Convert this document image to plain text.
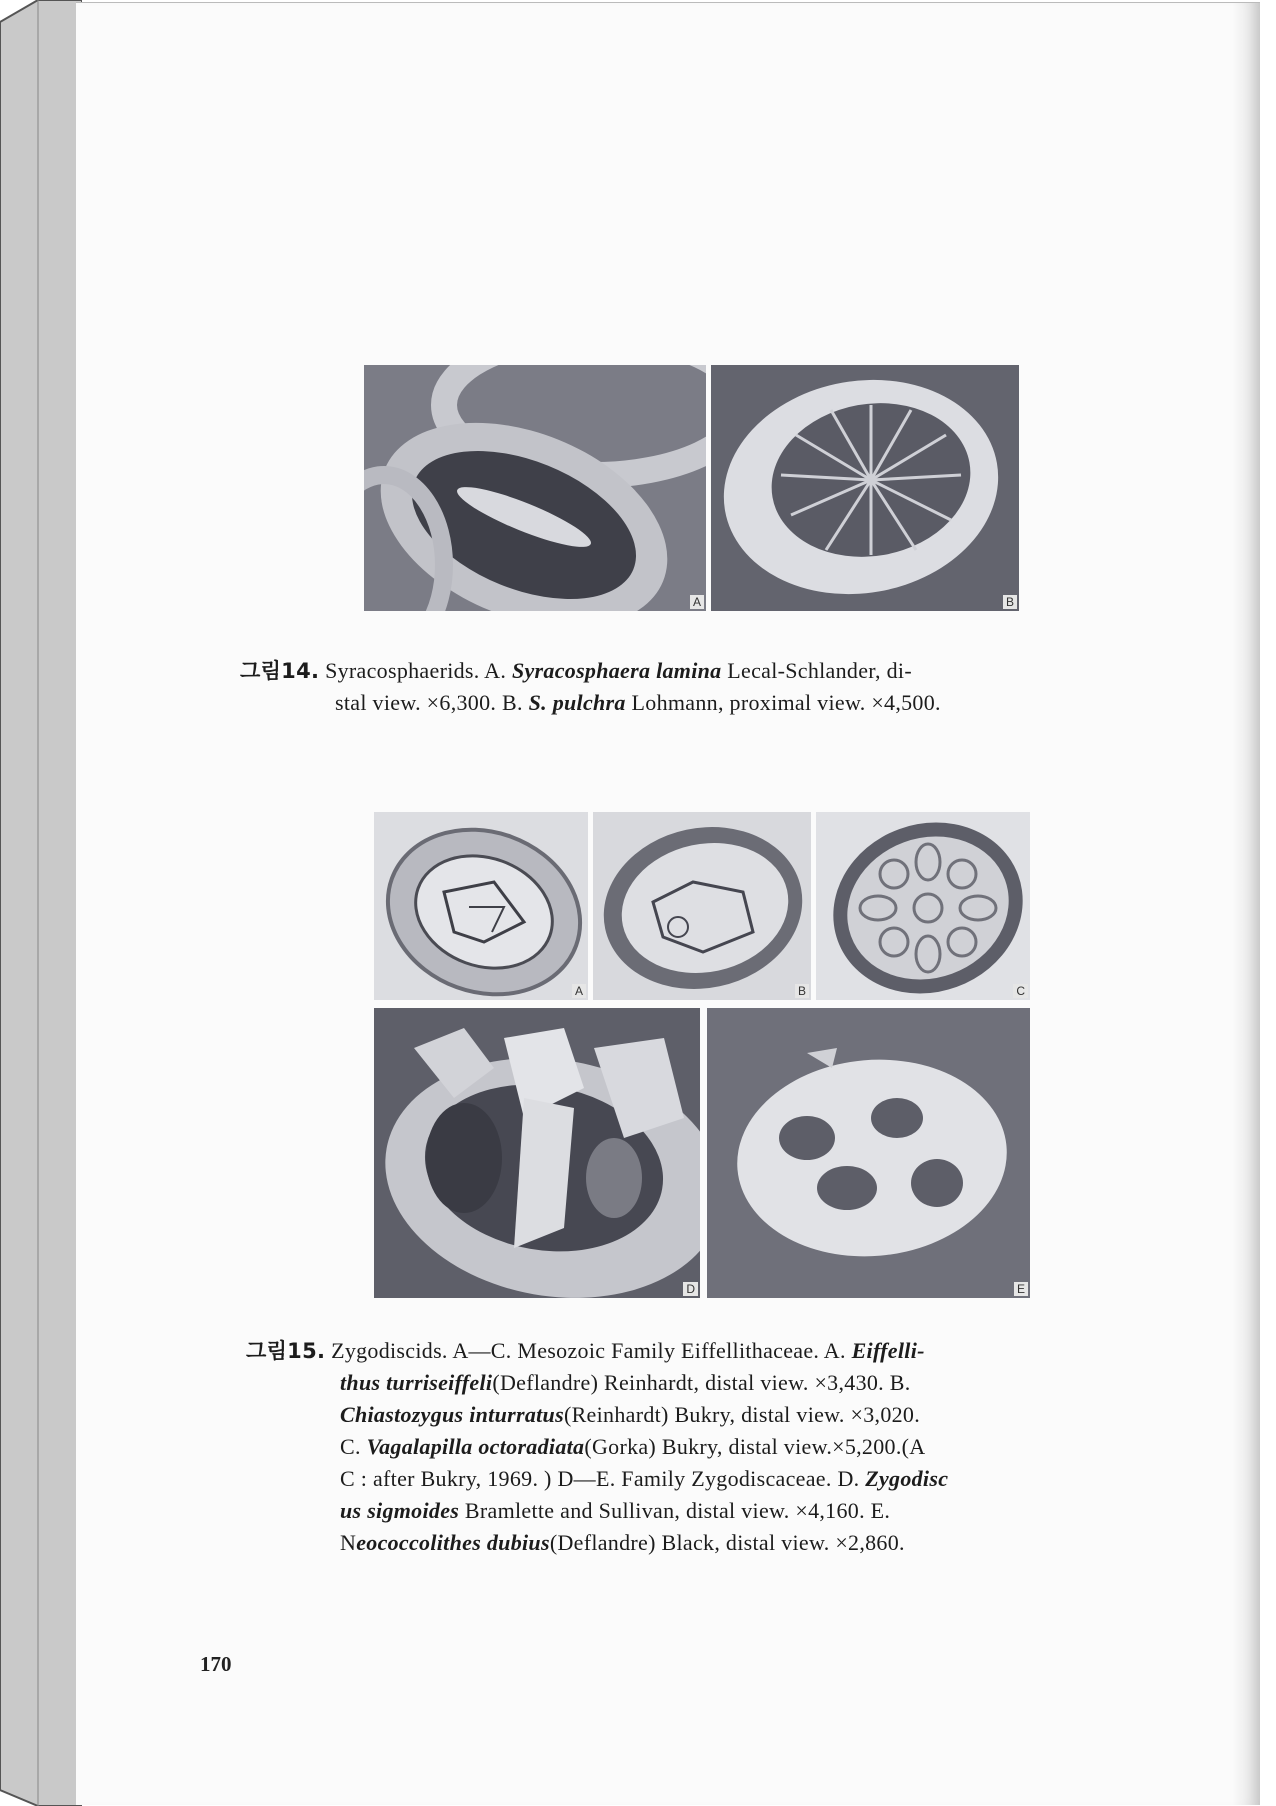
A	B
그림14. Syracosphaerids. A. Syracosphaera lamina Lecal-Schlander, di-
stal view. ×6,300. B. S. pulchra Lohmann, proximal view. ×4,500.
A	B	C
D	E
그림15. Zygodiscids. A—C. Mesozoic Family Eiffellithaceae. A. Eiffelli-
thus turriseiffeli(Deflandre) Reinhardt, distal view. ×3,430. B.
Chiastozygus inturratus(Reinhardt) Bukry, distal view. ×3,020.
C. Vagalapilla octoradiata(Gorka) Bukry, distal view.×5,200.(A
C : after Bukry, 1969. ) D—E. Family Zygodiscaceae. D. Zygodisc
us sigmoides Bramlette and Sullivan, distal view. ×4,160. E.
Neococcolithes dubius(Deflandre) Black, distal view. ×2,860.
170
